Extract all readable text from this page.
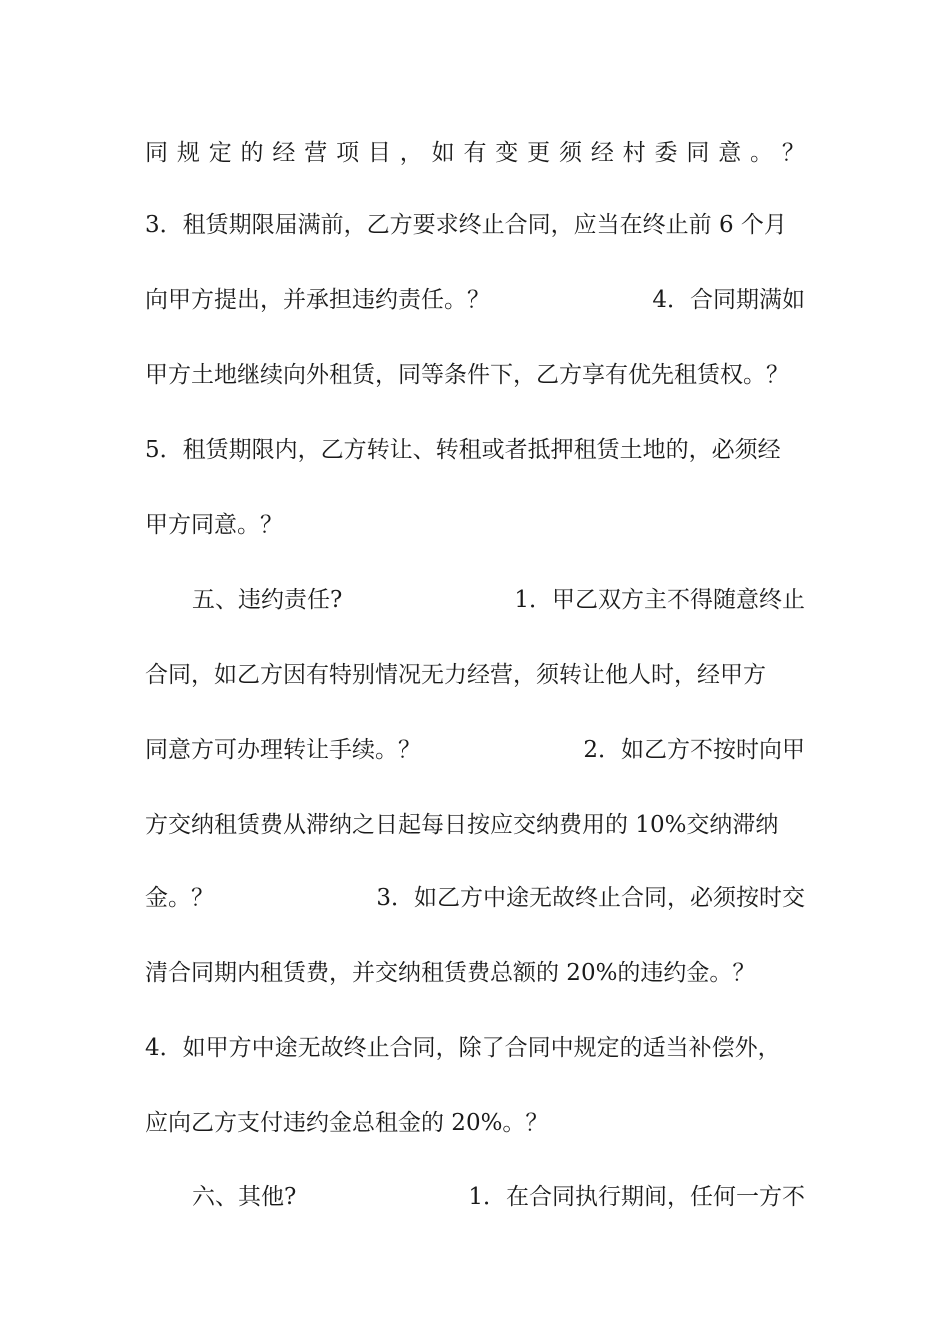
同 规 定 的 经 营 项 目 ， 如 有 变 更 须 经 村 委 同 意 。 ？
3．租赁期限届满前，乙方要求终止合同，应当在终止前 6 个月
向甲方提出，并承担违约责任。？	4．合同期满如
甲方土地继续向外租赁，同等条件下，乙方享有优先租赁权。？
5．租赁期限内，乙方转让、转租或者抵押租赁土地的，必须经
甲方同意。？
五、违约责任?	1．甲乙双方主不得随意终止
合同，如乙方因有特别情况无力经营，须转让他人时，经甲方
同意方可办理转让手续。？	2．如乙方不按时向甲
方交纳租赁费从滞纳之日起每日按应交纳费用的 10%交纳滞纳
金。？	3．如乙方中途无故终止合同，必须按时交
清合同期内租赁费，并交纳租赁费总额的 20%的违约金。？
4．如甲方中途无故终止合同，除了合同中规定的适当补偿外，
应向乙方支付违约金总租金的 20%。？
六、其他?	1．在合同执行期间，任何一方不
